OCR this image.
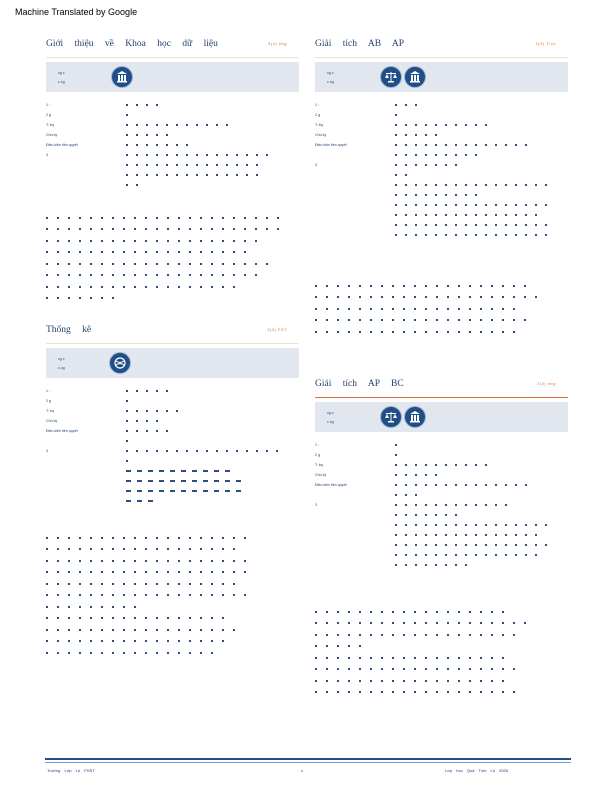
Machine Translated by Google
Giới thiệu về Khoa học dữ liệu	3(4) ebg
cg c
c cg
1 :
2 g
T: bq
Chú ký
Điều kiện tiên quyết
3
Giải tích AB AP	2(3) Tích
cg c
c cg
1 :
2 g
T: bq
Chú ký
Điều kiện tiên quyết
3
Thống kê	3(3) FST
cg c
c cg
1 :
2 g
T: bq
Chú ký
Điều kiện tiên quyết
3
Giải tích AP BC	2(3) ebg
cg c
c cg
1 :
2 g
T: bq
Chú ký
Điều kiện tiên quyết
3
Trường Lớp Lộ FHST	c	Lớp học Quá Tính Lộ 2026
